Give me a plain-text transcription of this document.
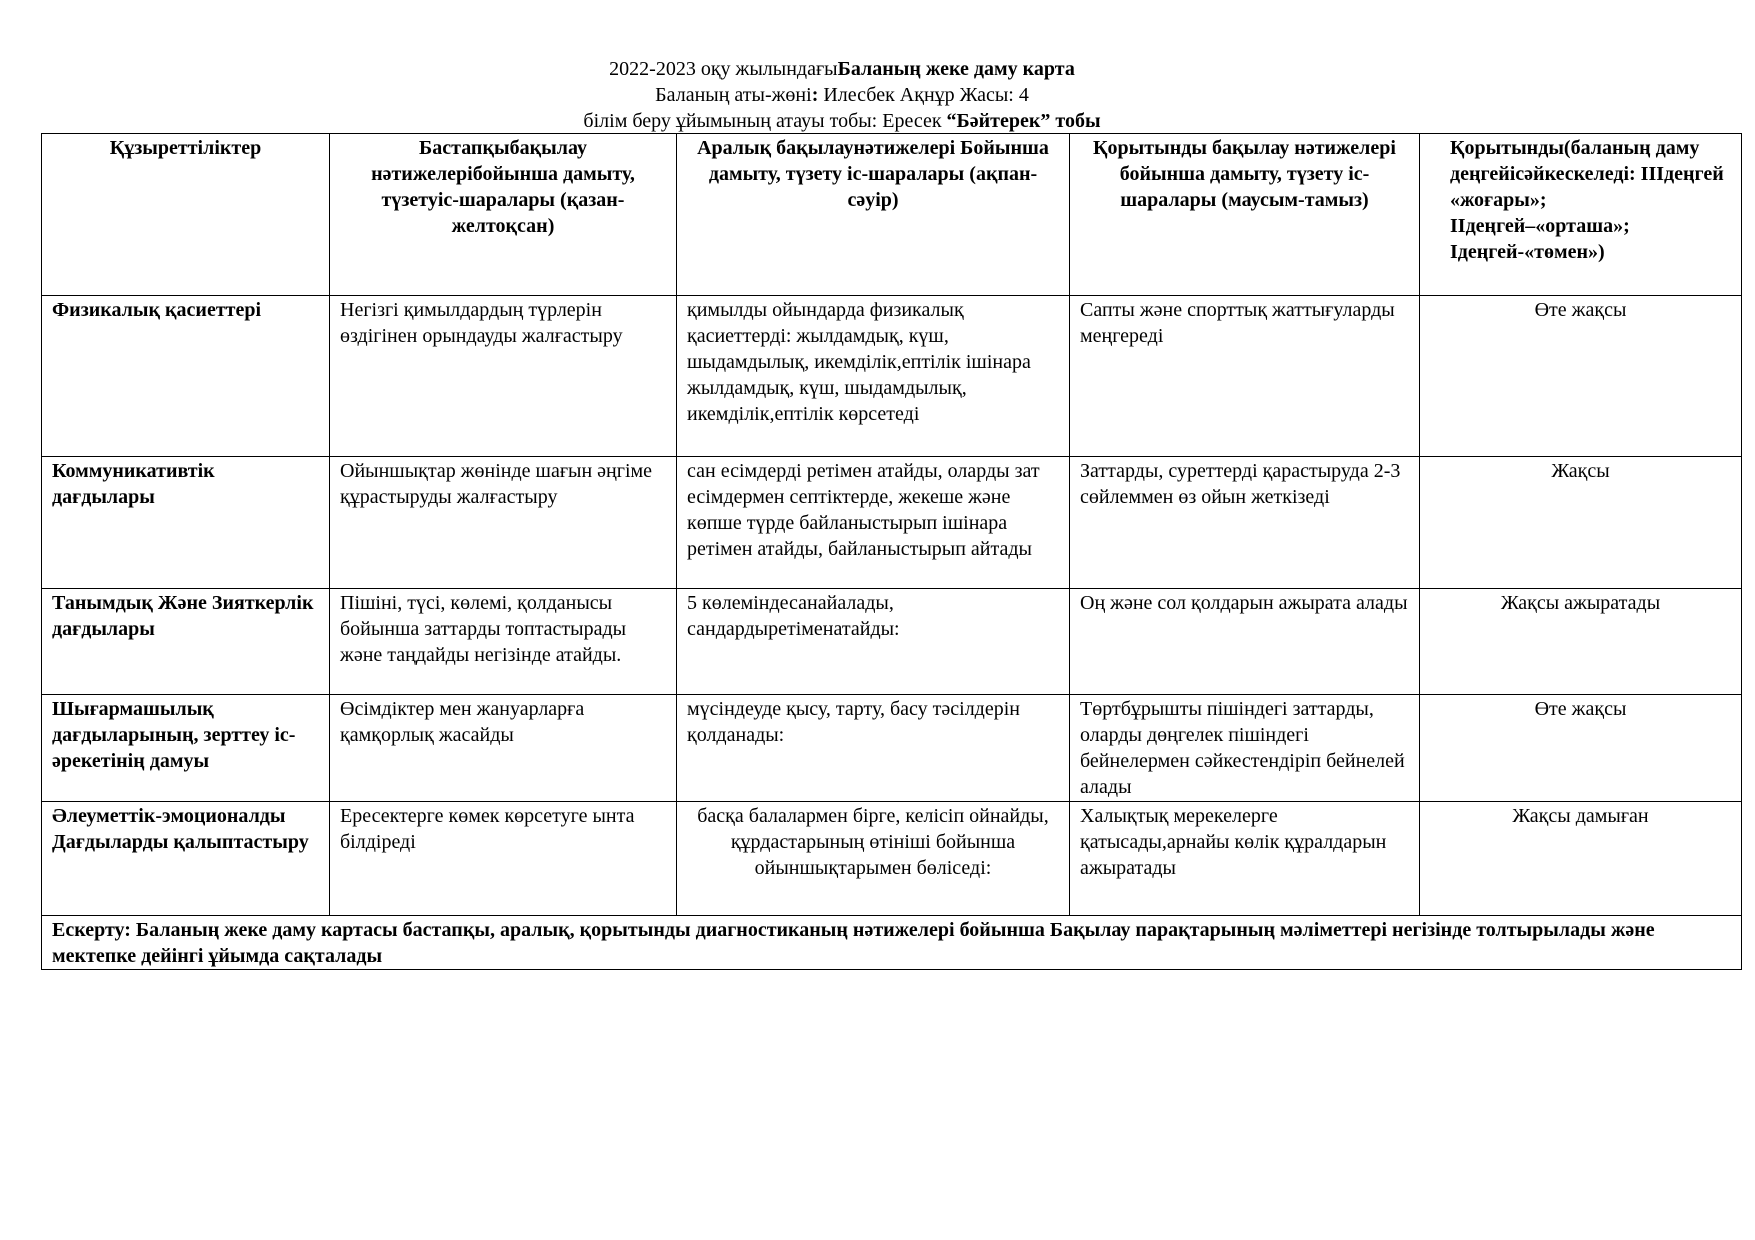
2022-2023 оқу жылындағыБаланың жеке даму карта
Баланың аты-жөні: Илесбек Ақнұр Жасы: 4
білім беру ұйымының атауы тобы: Ересек “Бәйтерек” тобы
Құзыреттіліктер	Бастапқыбақылау нәтижелерібойынша дамыту, түзетуіс-шаралары (қазан-желтоқсан)	Аралық бақылаунәтижелері Бойынша дамыту, түзету іс-шаралары (ақпан-сәуір)	Қорытынды бақылау нәтижелері бойынша дамыту, түзету іс-шаралары (маусым-тамыз)	Қорытынды(баланың даму деңгейісәйкескеледі: ІІІдеңгей «жоғары»; ІІдеңгей–«орташа»; Ідеңгей-«төмен»)
Физикалық қасиеттері	Негізгі қимылдардың түрлерін өздігінен орындауды жалғастыру	қимылды ойындарда физикалық қасиеттерді: жылдамдық, күш, шыдамдылық, икемділік,ептілік ішінара жылдамдық, күш, шыдамдылық, икемділік,ептілік көрсетеді	Сапты және спорттық жаттығуларды меңгереді	Өте жақсы
Коммуникативтік дағдылары	Ойыншықтар жөнінде шағын әңгіме құрастыруды жалғастыру	сан есімдерді ретімен атайды, оларды зат есімдермен септіктерде, жекеше және көпше түрде байланыстырып ішінара ретімен атайды, байланыстырып айтады	Заттарды, суреттерді қарастыруда 2-3 сөйлеммен өз ойын жеткізеді	Жақсы
Танымдық Және Зияткерлік дағдылары	Пішіні, түсі, көлемі, қолданысы бойынша заттарды топтастырады және таңдайды негізінде атайды.	5 көлеміндесанайалады, сандардыретіменатайды:	Оң және сол қолдарын ажырата алады	Жақсы ажыратады
Шығармашылық дағдыларының, зерттеу іс-әрекетінің дамуы	Өсімдіктер мен жануарларға қамқорлық жасайды	мүсіндеуде қысу, тарту, басу тәсілдерін қолданады:	Төртбұрышты пішіндегі заттарды, оларды дөңгелек пішіндегі бейнелермен сәйкестендіріп бейнелей алады	Өте жақсы
Әлеуметтік-эмоционалды Дағдыларды қалыптастыру	Ересектерге көмек көрсетуге ынта білдіреді	басқа балалармен бірге, келісіп ойнайды, құрдастарының өтініші бойынша ойыншықтарымен бөліседі:	Халықтық мерекелерге қатысады,арнайы көлік құралдарын ажыратады	Жақсы дамыған
Ескерту: Баланың жеке даму картасы бастапқы, аралық, қорытынды диагностиканың нәтижелері бойынша Бақылау парақтарының мәліметтері негізінде толтырылады және мектепке дейінгі ұйымда сақталады				
